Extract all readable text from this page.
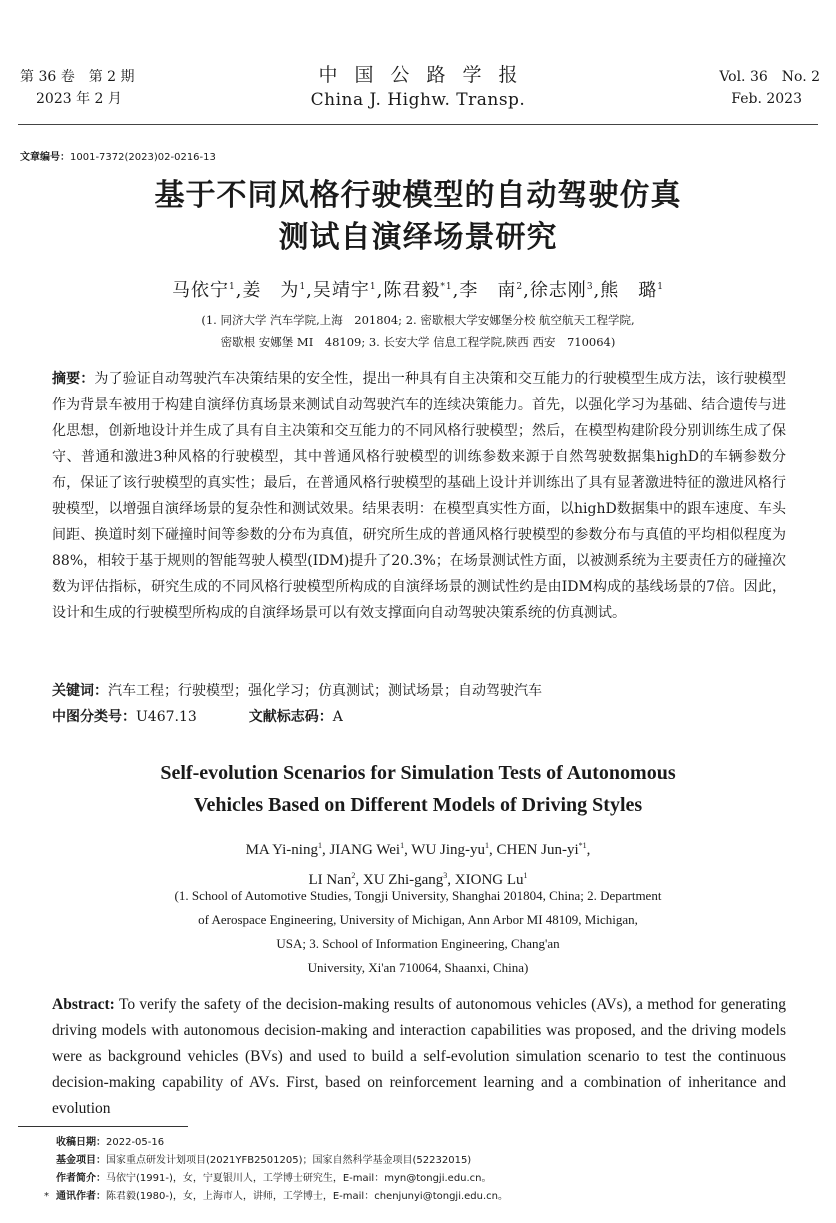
第 36 卷　第 2 期
2023 年 2 月
中国公路学报
China J. Highw. Transp.
Vol. 36　No. 2
Feb. 2023
文章编号：1001-7372(2023)02-0216-13
基于不同风格行驶模型的自动驾驶仿真
测试自演绎场景研究
马依宁$^1$,姜　为$^1$,吴靖宇$^1$,陈君毅$^{*1}$,李　南$^2$,徐志刚$^3$,熊　璐$^1$
(1. 同济大学 汽车学院,上海　201804; 2. 密歇根大学安娜堡分校 航空航天工程学院,
密歇根 安娜堡 MI　48109; 3. 长安大学 信息工程学院,陕西 西安　710064)
摘要：为了验证自动驾驶汽车决策结果的安全性，提出一种具有自主决策和交互能力的行驶模型生成方法，该行驶模型作为背景车被用于构建自演绎仿真场景来测试自动驾驶汽车的连续决策能力。首先，以强化学习为基础、结合遗传与进化思想，创新地设计并生成了具有自主决策和交互能力的不同风格行驶模型；然后，在模型构建阶段分别训练生成了保守、普通和激进3种风格的行驶模型，其中普通风格行驶模型的训练参数来源于自然驾驶数据集highD的车辆参数分布，保证了该行驶模型的真实性；最后，在普通风格行驶模型的基础上设计并训练出了具有显著激进特征的激进风格行驶模型，以增强自演绎场景的复杂性和测试效果。结果表明：在模型真实性方面，以highD数据集中的跟车速度、车头间距、换道时刻下碰撞时间等参数的分布为真值，研究所生成的普通风格行驶模型的参数分布与真值的平均相似程度为88%，相较于基于规则的智能驾驶人模型(IDM)提升了20.3%；在场景测试性方面，以被测系统为主要责任方的碰撞次数为评估指标，研究生成的不同风格行驶模型所构成的自演绎场景的测试性约是由IDM构成的基线场景的7倍。因此，设计和生成的行驶模型所构成的自演绎场景可以有效支撑面向自动驾驶决策系统的仿真测试。
关键词：汽车工程；行驶模型；强化学习；仿真测试；测试场景；自动驾驶汽车
中图分类号：U467.13	文献标志码：A
Self-evolution Scenarios for Simulation Tests of Autonomous
Vehicles Based on Different Models of Driving Styles
MA Yi-ning$^1$, JIANG Wei$^1$, WU Jing-$yu^1$, CHEN Jun-$yi^{*1}$,
LI Nan$^2$, XU Zhi-gang$^3$, XIONG Lu$^1$
(1. School of Automotive Studies, Tongji University, Shanghai 201804, China; 2. Department
of Aerospace Engineering, University of Michigan, Ann Arbor MI 48109, Michigan,
USA; 3. School of Information Engineering, Chang'an
University, Xi'an 710064, Shaanxi, China)
Abstract: To verify the safety of the decision-making results of autonomous vehicles (AVs), a method for generating driving models with autonomous decision-making and interaction capabilities was proposed, and the driving models were as background vehicles (BVs) and used to build a self-evolution simulation scenario to test the continuous decision-making capability of AVs. First, based on reinforcement learning and a combination of inheritance and evolution
收稿日期：2022-05-16
基金项目：国家重点研发计划项目(2021YFB2501205)；国家自然科学基金项目(52232015)
作者简介：马依宁(1991-)，女，宁夏银川人，工学博士研究生，E-mail：myn@tongji.edu.cn。
* 通讯作者：陈君毅(1980-)，女，上海市人，讲师，工学博士，E-mail：chenjunyi@tongji.edu.cn。
